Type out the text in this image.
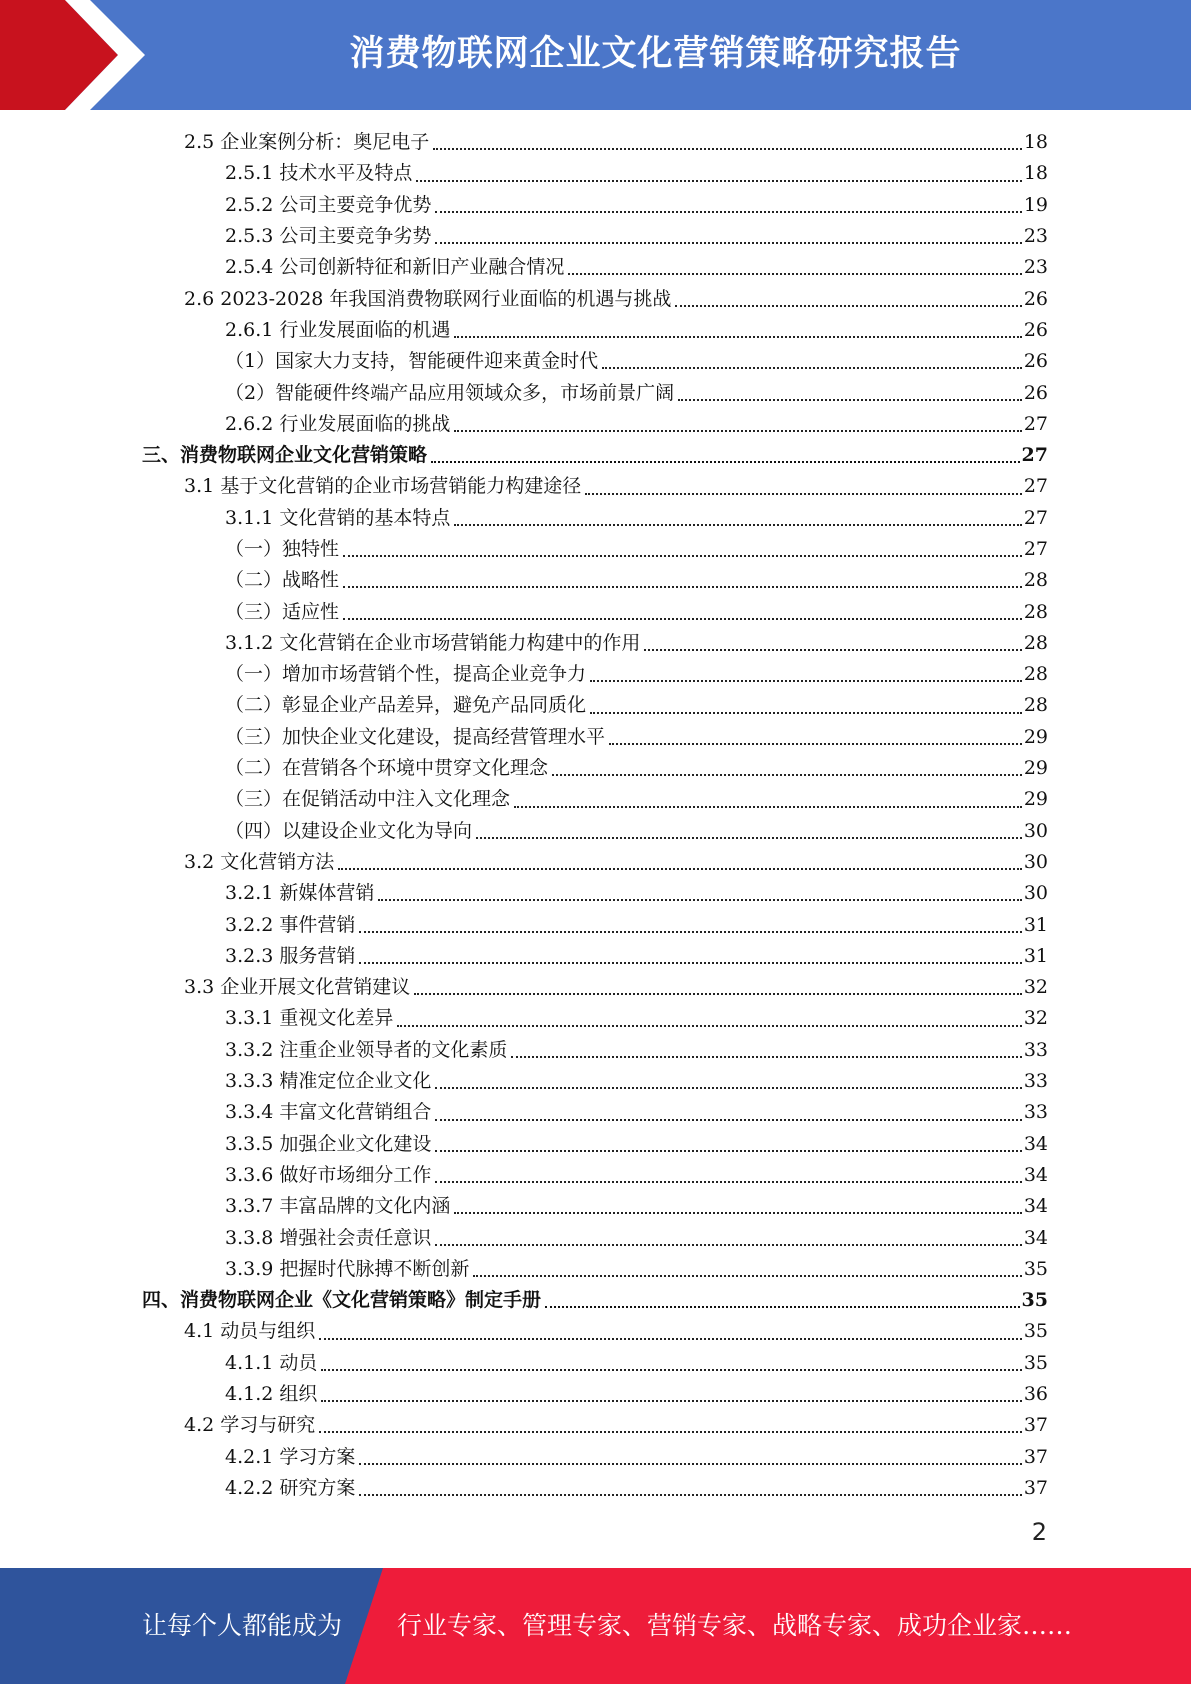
消费物联网企业文化营销策略研究报告
2.5 企业案例分析：奥尼电子	18
2.5.1 技术水平及特点	18
2.5.2 公司主要竞争优势	19
2.5.3 公司主要竞争劣势	23
2.5.4 公司创新特征和新旧产业融合情况	23
2.6 2023-2028 年我国消费物联网行业面临的机遇与挑战	26
2.6.1 行业发展面临的机遇	26
（1）国家大力支持，智能硬件迎来黄金时代	26
（2）智能硬件终端产品应用领域众多，市场前景广阔	26
2.6.2 行业发展面临的挑战	27
三、消费物联网企业文化营销策略	27
3.1 基于文化营销的企业市场营销能力构建途径	27
3.1.1 文化营销的基本特点	27
（一）独特性	27
（二）战略性	28
（三）适应性	28
3.1.2 文化营销在企业市场营销能力构建中的作用	28
（一）增加市场营销个性，提高企业竞争力	28
（二）彰显企业产品差异，避免产品同质化	28
（三）加快企业文化建设，提高经营管理水平	29
（二）在营销各个环境中贯穿文化理念	29
（三）在促销活动中注入文化理念	29
（四）以建设企业文化为导向	30
3.2 文化营销方法	30
3.2.1 新媒体营销	30
3.2.2 事件营销	31
3.2.3 服务营销	31
3.3 企业开展文化营销建议	32
3.3.1 重视文化差异	32
3.3.2 注重企业领导者的文化素质	33
3.3.3 精准定位企业文化	33
3.3.4 丰富文化营销组合	33
3.3.5 加强企业文化建设	34
3.3.6 做好市场细分工作	34
3.3.7 丰富品牌的文化内涵	34
3.3.8 增强社会责任意识	34
3.3.9 把握时代脉搏不断创新	35
四、消费物联网企业《文化营销策略》制定手册	35
4.1 动员与组织	35
4.1.1 动员	35
4.1.2 组织	36
4.2 学习与研究	37
4.2.1 学习方案	37
4.2.2 研究方案	37
2
让每个人都能成为 行业专家、管理专家、营销专家、战略专家、成功企业家……
